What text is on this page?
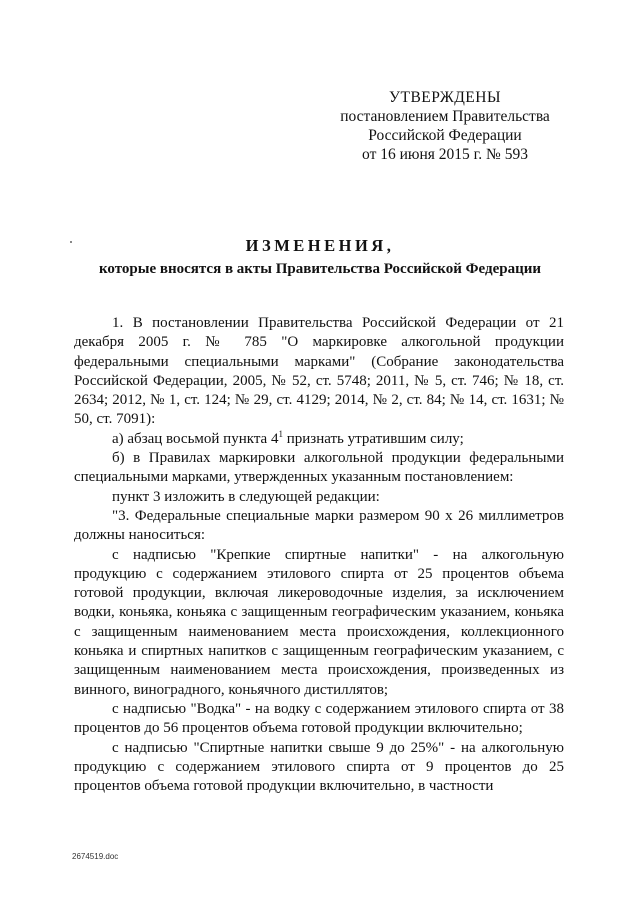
УТВЕРЖДЕНЫ
постановлением Правительства
Российской Федерации
от 16 июня 2015 г. № 593
ИЗМЕНЕНИЯ,
которые вносятся в акты Правительства Российской Федерации

1. В постановлении Правительства Российской Федерации от 21 декабря 2005 г. № 785 "О маркировке алкогольной продукции федеральными специальными марками" (Собрание законодательства Российской Федерации, 2005, № 52, ст. 5748; 2011, № 5, ст. 746; № 18, ст. 2634; 2012, № 1, ст. 124; № 29, ст. 4129; 2014, № 2, ст. 84; № 14, ст. 1631; № 50, ст. 7091):

а) абзац восьмой пункта $4^1$ признать утратившим силу;

б) в Правилах маркировки алкогольной продукции федеральными специальными марками, утвержденных указанным постановлением:

пункт 3 изложить в следующей редакции:

"3. Федеральные специальные марки размером 90 х 26 миллиметров должны наноситься:

с надписью "Крепкие спиртные напитки" - на алкогольную продукцию с содержанием этилового спирта от 25 процентов объема готовой продукции, включая ликероводочные изделия, за исключением водки, коньяка, коньяка с защищенным географическим указанием, коньяка с защищенным наименованием места происхождения, коллекционного коньяка и спиртных напитков с защищенным географическим указанием, с защищенным наименованием места происхождения, произведенных из винного, виноградного, коньячного дистиллятов;

с надписью "Водка" - на водку с содержанием этилового спирта от 38 процентов до 56 процентов объема готовой продукции включительно;

с надписью "Спиртные напитки свыше 9 до 25%" - на алкогольную продукцию с содержанием этилового спирта от 9 процентов до 25 процентов объема готовой продукции включительно, в частности

2674519.doc
